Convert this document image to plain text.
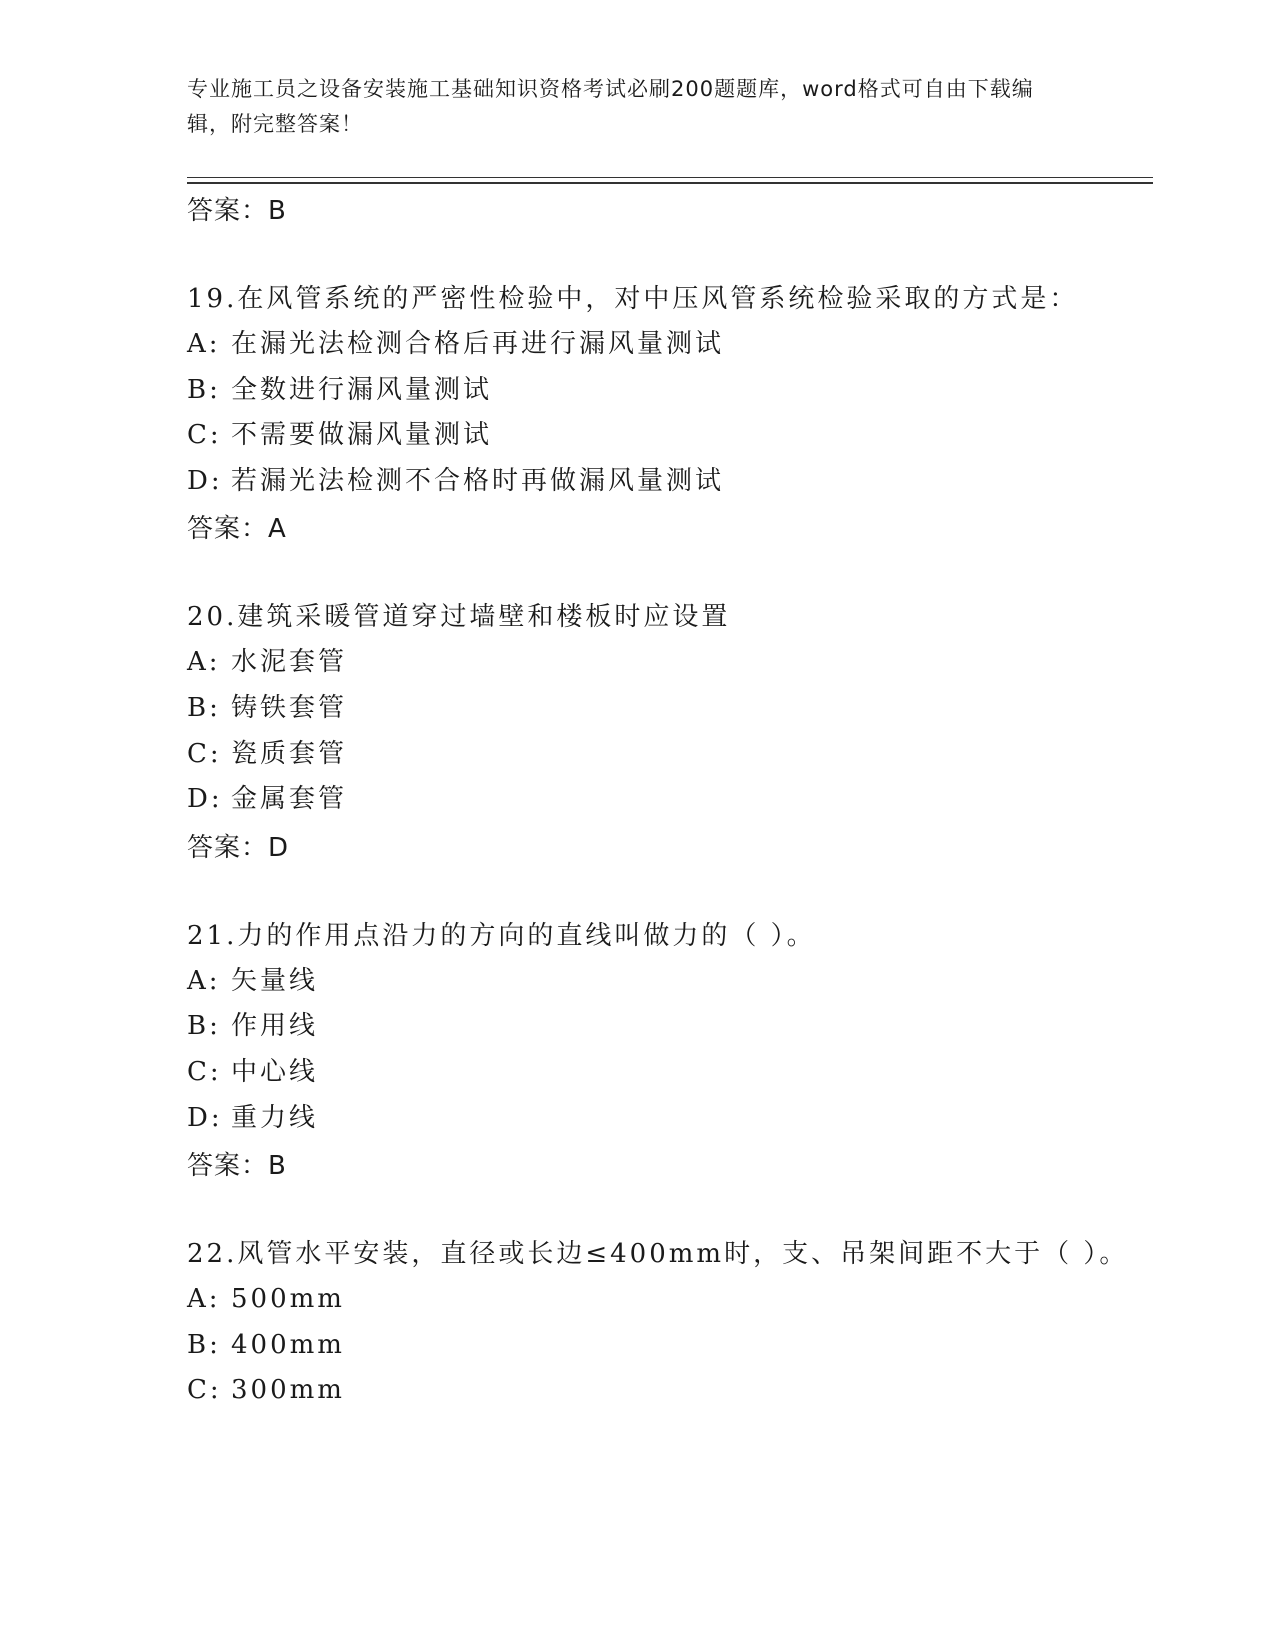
专业施工员之设备安装施工基础知识资格考试必刷200题题库，word格式可自由下载编辑，附完整答案！
答案：B
19.在风管系统的严密性检验中，对中压风管系统检验采取的方式是：
A: 在漏光法检测合格后再进行漏风量测试
B: 全数进行漏风量测试
C: 不需要做漏风量测试
D: 若漏光法检测不合格时再做漏风量测试
答案：A
20.建筑采暖管道穿过墙壁和楼板时应设置
A: 水泥套管
B: 铸铁套管
C: 瓷质套管
D: 金属套管
答案：D
21.力的作用点沿力的方向的直线叫做力的（ ）。
A: 矢量线
B: 作用线
C: 中心线
D: 重力线
答案：B
22.风管水平安装，直径或长边≤400mm时，支、吊架间距不大于（ ）。
A: 500mm
B: 400mm
C: 300mm
